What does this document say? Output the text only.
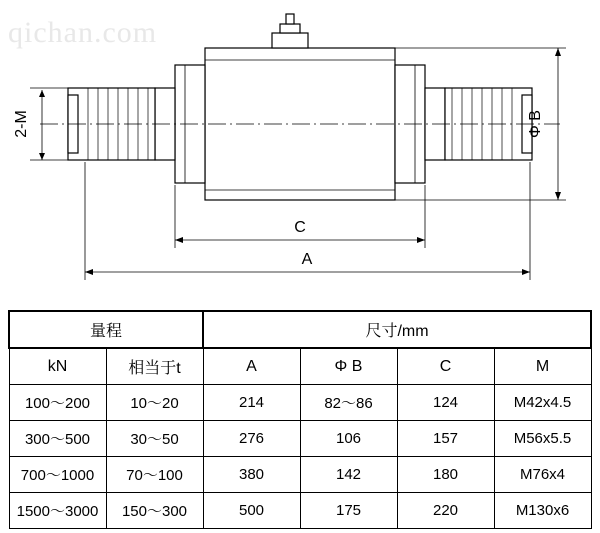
qichan.com
2-M	Φ B
C
A
量程		尺寸/mm			
kN	相当于t	A	Φ B	C	M
100～200	10～20	214	82～86	124	M42x4.5
300～500	30～50	276	106	157	M56x5.5
700～1000	70～100	380	142	180	M76x4
1500～3000	150～300	500	175	220	M130x6
